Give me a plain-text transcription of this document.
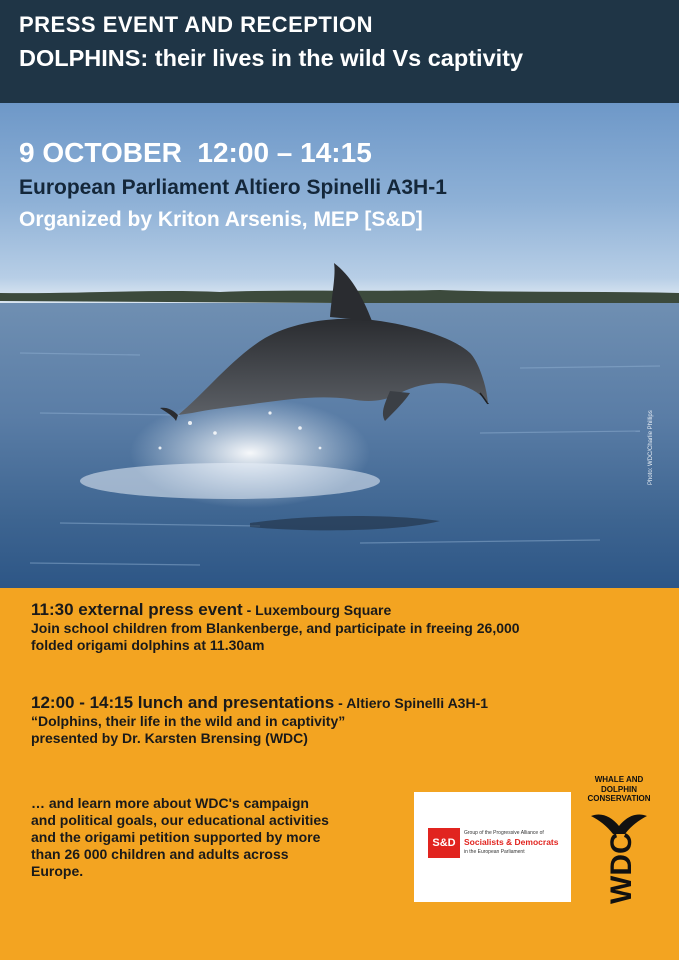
PRESS EVENT AND RECEPTION
DOLPHINS: their lives in the wild Vs captivity
9 OCTOBER  12:00 – 14:15
European Parliament Altiero Spinelli A3H-1
Organized by Kriton Arsenis, MEP [S&D]
Photo: WDC/Charlie Phillips
11:30 external press event - Luxembourg Square
Join school children from Blankenberge, and participate in freeing 26,000
folded origami dolphins at 11.30am
12:00 - 14:15 lunch and presentations - Altiero Spinelli A3H-1
“Dolphins, their life in the wild and in captivity”
presented by Dr. Karsten Brensing (WDC)
… and learn more about WDC's campaign
and political goals, our educational activities
and the origami petition supported by more
than 26 000 children and adults across
Europe.
S&D
Group of the Progressive Alliance of
Socialists & Democrats
in the European Parliament
WHALE AND
DOLPHIN
CONSERVATION
WDC
